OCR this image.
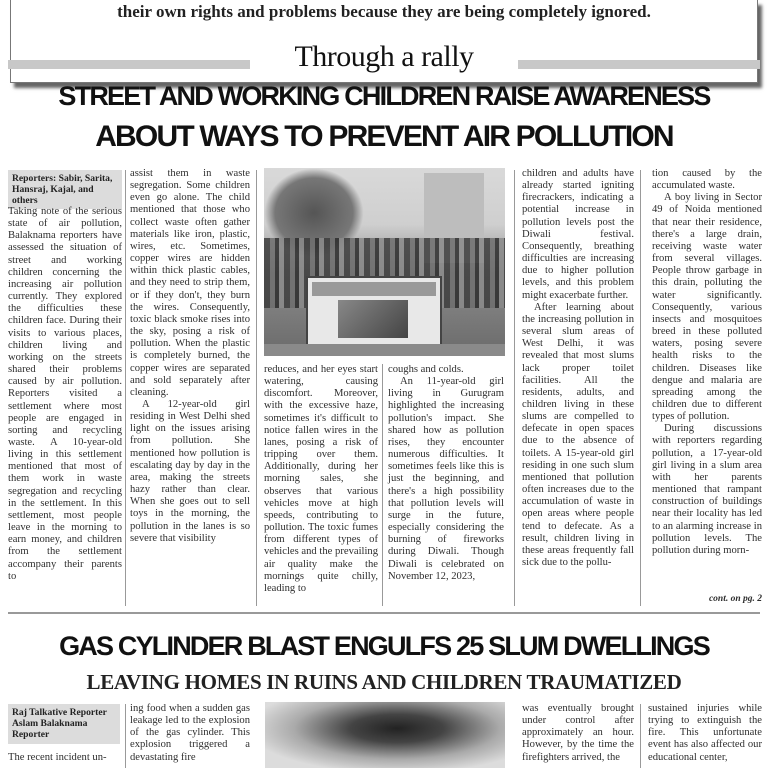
their own rights and problems because they are being completely ignored.
Through a rally
STREET AND WORKING CHILDREN RAISE AWARENESS
ABOUT WAYS TO PREVENT AIR POLLUTION
Reporters: Sabir, Sarita, Hansraj, Kajal, and others

Taking note of the serious state of air pollution, Balaknama reporters have assessed the situation of street and working children concerning the increasing air pollution currently. They explored the difficulties these children face. During their visits to various places, children living and working on the streets shared their problems caused by air pollution. Reporters visited a settlement where most people are engaged in sorting and recycling waste. A 10-year-old living in this settlement mentioned that most of them work in waste segregation and recycling in the settlement. In this settlement, most people leave in the morning to earn money, and children from the settlement accompany their parents to

assist them in waste segregation. Some children even go alone. The child mentioned that those who collect waste often gather materials like iron, plastic, wires, etc. Sometimes, copper wires are hidden within thick plastic cables, and they need to strip them, or if they don't, they burn the wires. Consequently, toxic black smoke rises into the sky, posing a risk of pollution. When the plastic is completely burned, the copper wires are separated and sold separately after cleaning.

A 12-year-old girl residing in West Delhi shed light on the issues arising from pollution. She mentioned how pollution is escalating day by day in the area, making the streets hazy rather than clear. When she goes out to sell toys in the morning, the pollution in the lanes is so severe that visibility

reduces, and her eyes start watering, causing discomfort. Moreover, with the excessive haze, sometimes it's difficult to notice fallen wires in the lanes, posing a risk of tripping over them. Additionally, during her morning sales, she observes that various vehicles move at high speeds, contributing to pollution. The toxic fumes from different types of vehicles and the prevailing air quality make the mornings quite chilly, leading to

coughs and colds.

An 11-year-old girl living in Gurugram highlighted the increasing pollution's impact. She shared how as pollution rises, they encounter numerous difficulties. It sometimes feels like this is just the beginning, and there's a high possibility that pollution levels will surge in the future, especially considering the burning of fireworks during Diwali. Though Diwali is celebrated on November 12, 2023,

children and adults have already started igniting firecrackers, indicating a potential increase in pollution levels post the Diwali festival. Consequently, breathing difficulties are increasing due to higher pollution levels, and this problem might exacerbate further.

After learning about the increasing pollution in several slum areas of West Delhi, it was revealed that most slums lack proper toilet facilities. All the residents, adults, and children living in these slums are compelled to defecate in open spaces due to the absence of toilets. A 15-year-old girl residing in one such slum mentioned that pollution often increases due to the accumulation of waste in open areas where people tend to defecate. As a result, children living in these areas frequently fall sick due to the pollu-

tion caused by the accumulated waste.

A boy living in Sector 49 of Noida mentioned that near their residence, there's a large drain, receiving waste water from several villages. People throw garbage in this drain, polluting the water significantly. Consequently, various insects and mosquitoes breed in these polluted waters, posing severe health risks to the children. Diseases like dengue and malaria are spreading among the children due to different types of pollution.

During discussions with reporters regarding pollution, a 17-year-old girl living in a slum area with her parents mentioned that rampant construction of buildings near their locality has led to an alarming increase in pollution levels. The pollution during morn-

cont. on pg. 2
GAS CYLINDER BLAST ENGULFS 25 SLUM DWELLINGS
LEAVING HOMES IN RUINS AND CHILDREN TRAUMATIZED
Raj Talkative Reporter
Aslam Balaknama Reporter

The recent incident un-

ing food when a sudden gas leakage led to the explosion of the gas cylinder. This explosion triggered a devastating fire

was eventually brought under control after approximately an hour. However, by the time the firefighters arrived, the

sustained injuries while trying to extinguish the fire. This unfortunate event has also affected our educational center,
